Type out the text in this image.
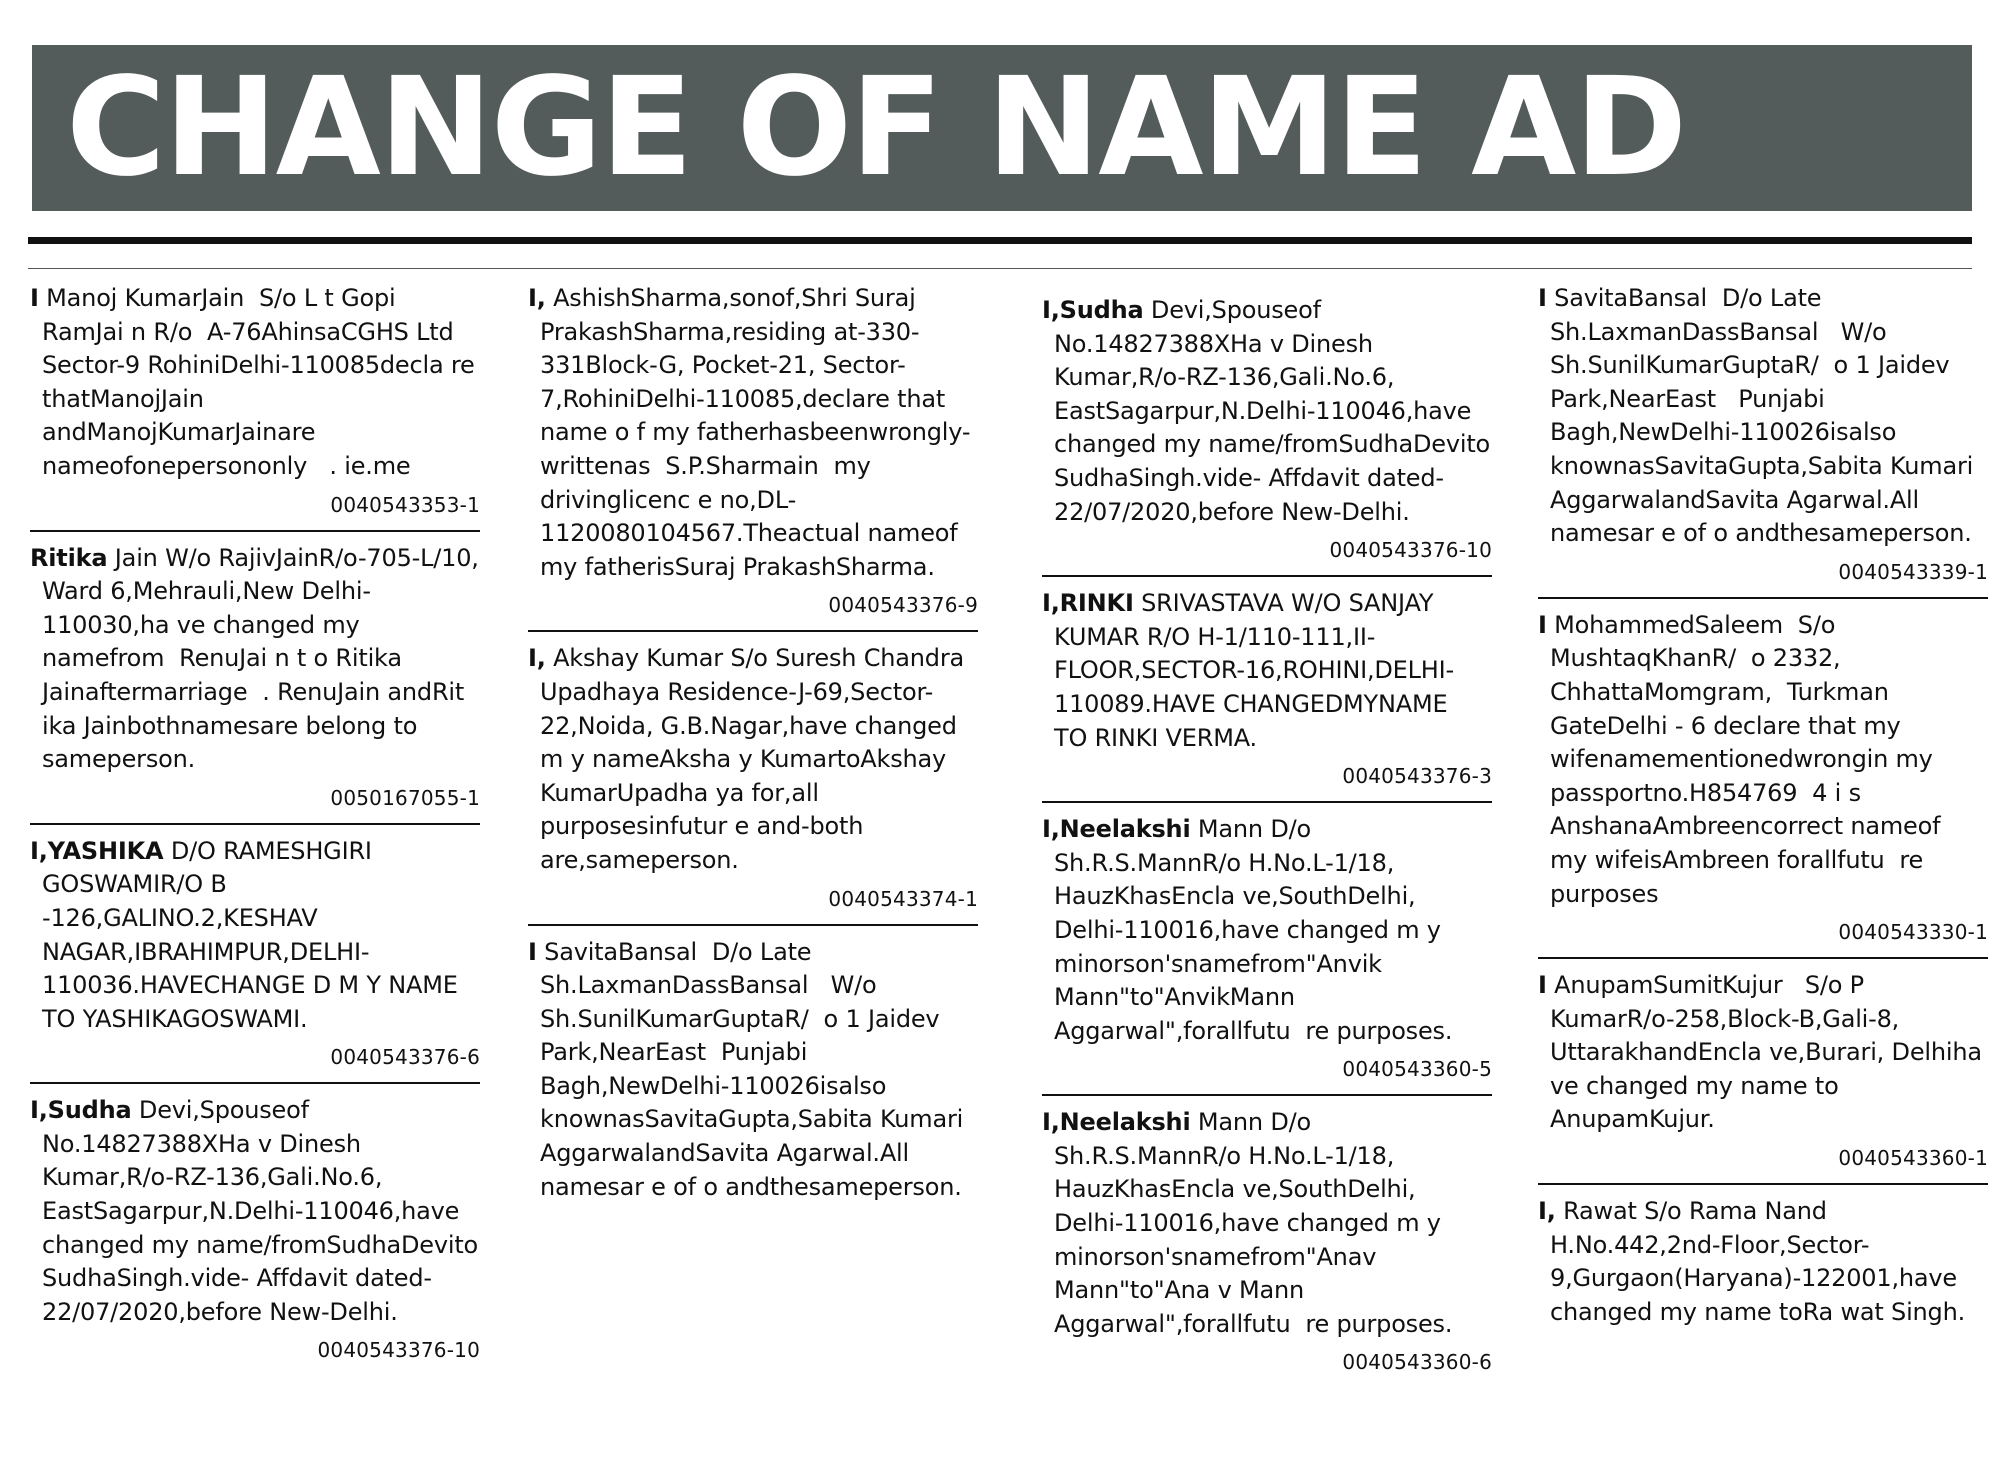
CHANGE OF NAME AD

I Manoj KumarJain  S/o L t Gopi RamJai n R/o  A-76AhinsaCGHS Ltd Sector-9 RohiniDelhi-110085decla re thatManojJain andManojKumarJainare nameofonepersononly   . ie.me

0040543353-1

Ritika Jain W/o RajivJainR/o-705-L/10, Ward 6,Mehrauli,New Delhi-110030,ha ve changed my namefrom  RenuJai n t o Ritika Jainaftermarriage  . RenuJain andRit ika Jainbothnamesare belong to sameperson.

0050167055-1

I,YASHIKA D/O RAMESHGIRI GOSWAMIR/O B -126,GALINO.2,KESHAV NAGAR,IBRAHIMPUR,DELHI-110036.HAVECHANGE D M Y NAME TO YASHIKAGOSWAMI.

0040543376-6

I,Sudha Devi,Spouseof No.14827388XHa v Dinesh Kumar,R/o-RZ-136,Gali.No.6, EastSagarpur,N.Delhi-110046,have changed my name/fromSudhaDevito SudhaSingh.vide- Affdavit dated-22/07/2020,before New-Delhi.

0040543376-10

I, AshishSharma,sonof,Shri Suraj PrakashSharma,residing at-330-331Block-G, Pocket-21, Sector-7,RohiniDelhi-110085,declare that name o f my fatherhasbeenwrongly-writtenas  S.P.Sharmain  my drivinglicenc e no,DL-1120080104567.Theactual nameof  my fatherisSuraj PrakashSharma.

0040543376-9

I, Akshay Kumar S/o Suresh Chandra Upadhaya Residence-J-69,Sector-22,Noida, G.B.Nagar,have changed m y nameAksha y KumartoAkshay KumarUpadha ya for,all purposesinfutur e and-both are,sameperson.

0040543374-1

I SavitaBansal  D/o Late Sh.LaxmanDassBansal   W/o Sh.SunilKumarGuptaR/  o 1 Jaidev Park,NearEast  Punjabi Bagh,NewDelhi-110026isalso knownasSavitaGupta,Sabita Kumari AggarwalandSavita Agarwal.All  namesar e of o andthesameperson.

I,Sudha Devi,Spouseof No.14827388XHa v Dinesh Kumar,R/o-RZ-136,Gali.No.6, EastSagarpur,N.Delhi-110046,have changed my name/fromSudhaDevito SudhaSingh.vide- Affdavit dated-22/07/2020,before New-Delhi.

0040543376-10

I,RINKI SRIVASTAVA W/O SANJAY KUMAR R/O H-1/110-111,II-FLOOR,SECTOR-16,ROHINI,DELHI-110089.HAVE CHANGEDMYNAME   TO RINKI VERMA.

0040543376-3

I,Neelakshi Mann D/o Sh.R.S.MannR/o H.No.L-1/18, HauzKhasEncla ve,SouthDelhi, Delhi-110016,have changed m y minorson'snamefrom"Anvik Mann"to"AnvikMann Aggarwal",forallfutu  re purposes.

0040543360-5

I,Neelakshi Mann D/o Sh.R.S.MannR/o H.No.L-1/18, HauzKhasEncla ve,SouthDelhi, Delhi-110016,have changed m y minorson'snamefrom"Anav Mann"to"Ana v Mann Aggarwal",forallfutu  re purposes.

0040543360-6

I SavitaBansal  D/o Late Sh.LaxmanDassBansal   W/o Sh.SunilKumarGuptaR/  o 1 Jaidev Park,NearEast   Punjabi Bagh,NewDelhi-110026isalso knownasSavitaGupta,Sabita Kumari AggarwalandSavita Agarwal.All  namesar e of o andthesameperson.

0040543339-1

I MohammedSaleem  S/o MushtaqKhanR/  o 2332, ChhattaMomgram,  Turkman GateDelhi - 6 declare that my wifenamementionedwrongin my passportno.H854769  4 i s AnshanaAmbreencorrect nameof  my wifeisAmbreen forallfutu  re purposes

0040543330-1

I AnupamSumitKujur   S/o P KumarR/o-258,Block-B,Gali-8, UttarakhandEncla ve,Burari, Delhiha ve changed my name to AnupamKujur.

0040543360-1

I, Rawat S/o Rama Nand H.No.442,2nd-Floor,Sector-9,Gurgaon(Haryana)-122001,have changed my name toRa wat Singh.
